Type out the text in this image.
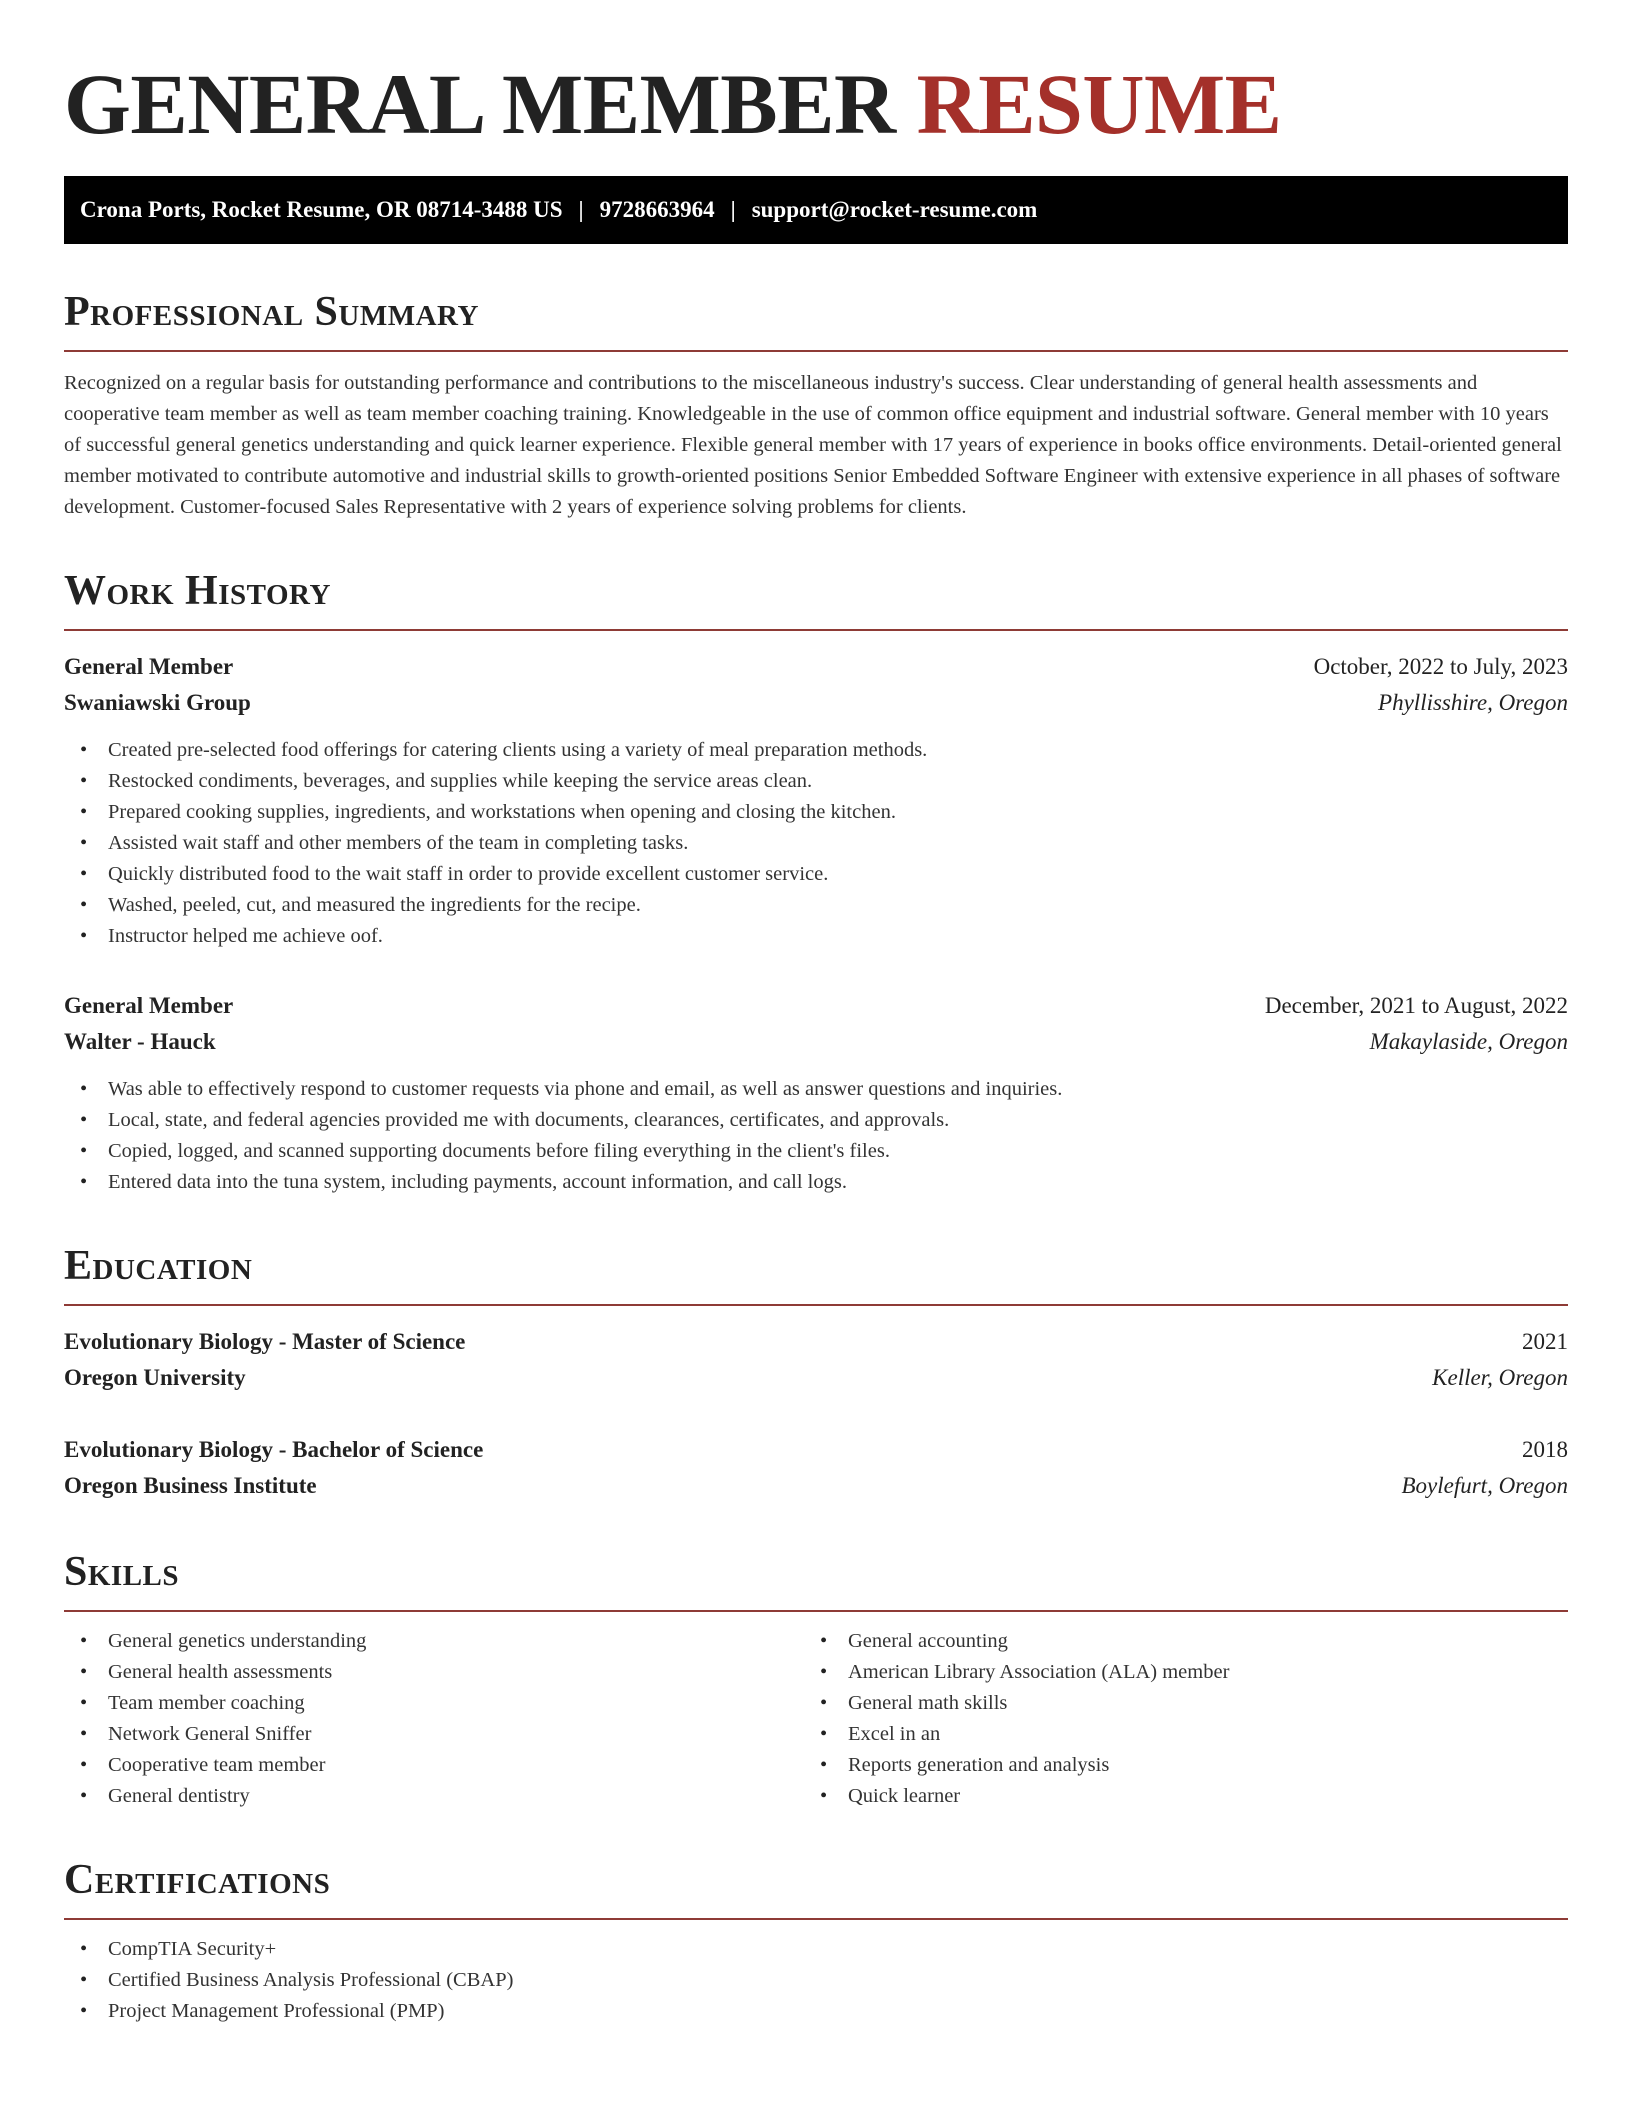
GENERAL MEMBER RESUME
Crona Ports, Rocket Resume, OR 08714-3488 US | 9728663964 | support@rocket-resume.com
Professional Summary

Recognized on a regular basis for outstanding performance and contributions to the miscellaneous industry's success. Clear understanding of general health assessments and cooperative team member as well as team member coaching training. Knowledgeable in the use of common office equipment and industrial software. General member with 10 years of successful general genetics understanding and quick learner experience. Flexible general member with 17 years of experience in books office environments. Detail-oriented general member motivated to contribute automotive and industrial skills to growth-oriented positions Senior Embedded Software Engineer with extensive experience in all phases of software development. Customer-focused Sales Representative with 2 years of experience solving problems for clients.

Work History
General Member	October, 2022 to July, 2023
Swaniawski Group	Phyllisshire, Oregon
• Created pre-selected food offerings for catering clients using a variety of meal preparation methods.
• Restocked condiments, beverages, and supplies while keeping the service areas clean.
• Prepared cooking supplies, ingredients, and workstations when opening and closing the kitchen.
• Assisted wait staff and other members of the team in completing tasks.
• Quickly distributed food to the wait staff in order to provide excellent customer service.
• Washed, peeled, cut, and measured the ingredients for the recipe.
• Instructor helped me achieve oof.
General Member	December, 2021 to August, 2022
Walter - Hauck	Makaylaside, Oregon
• Was able to effectively respond to customer requests via phone and email, as well as answer questions and inquiries.
• Local, state, and federal agencies provided me with documents, clearances, certificates, and approvals.
• Copied, logged, and scanned supporting documents before filing everything in the client's files.
• Entered data into the tuna system, including payments, account information, and call logs.
Education
Evolutionary Biology - Master of Science	2021
Oregon University	Keller, Oregon
Evolutionary Biology - Bachelor of Science	2018
Oregon Business Institute	Boylefurt, Oregon
Skills
• General genetics understanding
• General health assessments
• Team member coaching
• Network General Sniffer
• Cooperative team member
• General dentistry
• General accounting
• American Library Association (ALA) member
• General math skills
• Excel in an
• Reports generation and analysis
• Quick learner
Certifications
• CompTIA Security+
• Certified Business Analysis Professional (CBAP)
• Project Management Professional (PMP)
